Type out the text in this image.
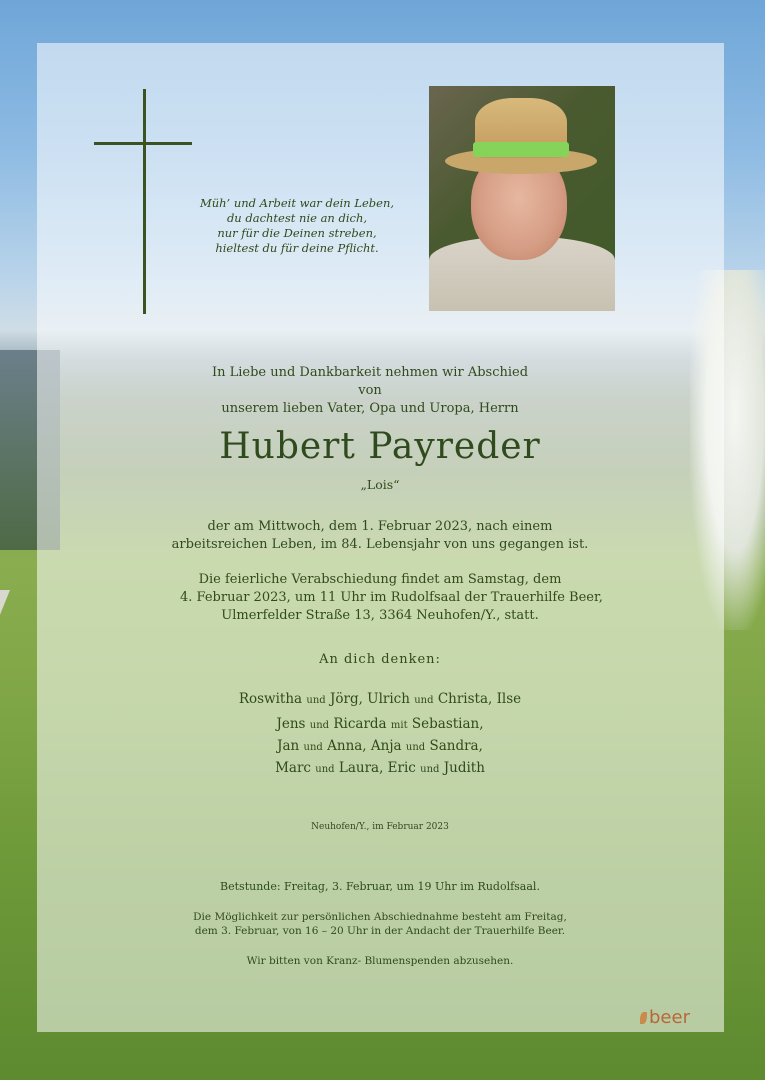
Müh’ und Arbeit war dein Leben,
du dachtest nie an dich,
nur für die Deinen streben,
hieltest du für deine Pflicht.
In Liebe und Dankbarkeit nehmen wir Abschied von
unserem lieben Vater, Opa und Uropa, Herrn
Hubert Payreder
„Lois“
der am Mittwoch, dem 1. Februar 2023, nach einem
arbeitsreichen Leben, im 84. Lebensjahr von uns gegangen ist.
Die feierliche Verabschiedung findet am Samstag, dem
4. Februar 2023, um 11 Uhr im Rudolfsaal der Trauerhilfe Beer,
Ulmerfelder Straße 13, 3364 Neuhofen/Y., statt.
An dich denken:
Roswitha und Jörg, Ulrich und Christa, Ilse
Jens und Ricarda mit Sebastian,
Jan und Anna, Anja und Sandra,
Marc und Laura, Eric und Judith
Neuhofen/Y., im Februar 2023
Betstunde: Freitag, 3. Februar, um 19 Uhr im Rudolfsaal.
Die Möglichkeit zur persönlichen Abschiednahme besteht am Freitag,
dem 3. Februar, von 16 – 20 Uhr in der Andacht der Trauerhilfe Beer.
Wir bitten von Kranz- Blumenspenden abzusehen.
beer
